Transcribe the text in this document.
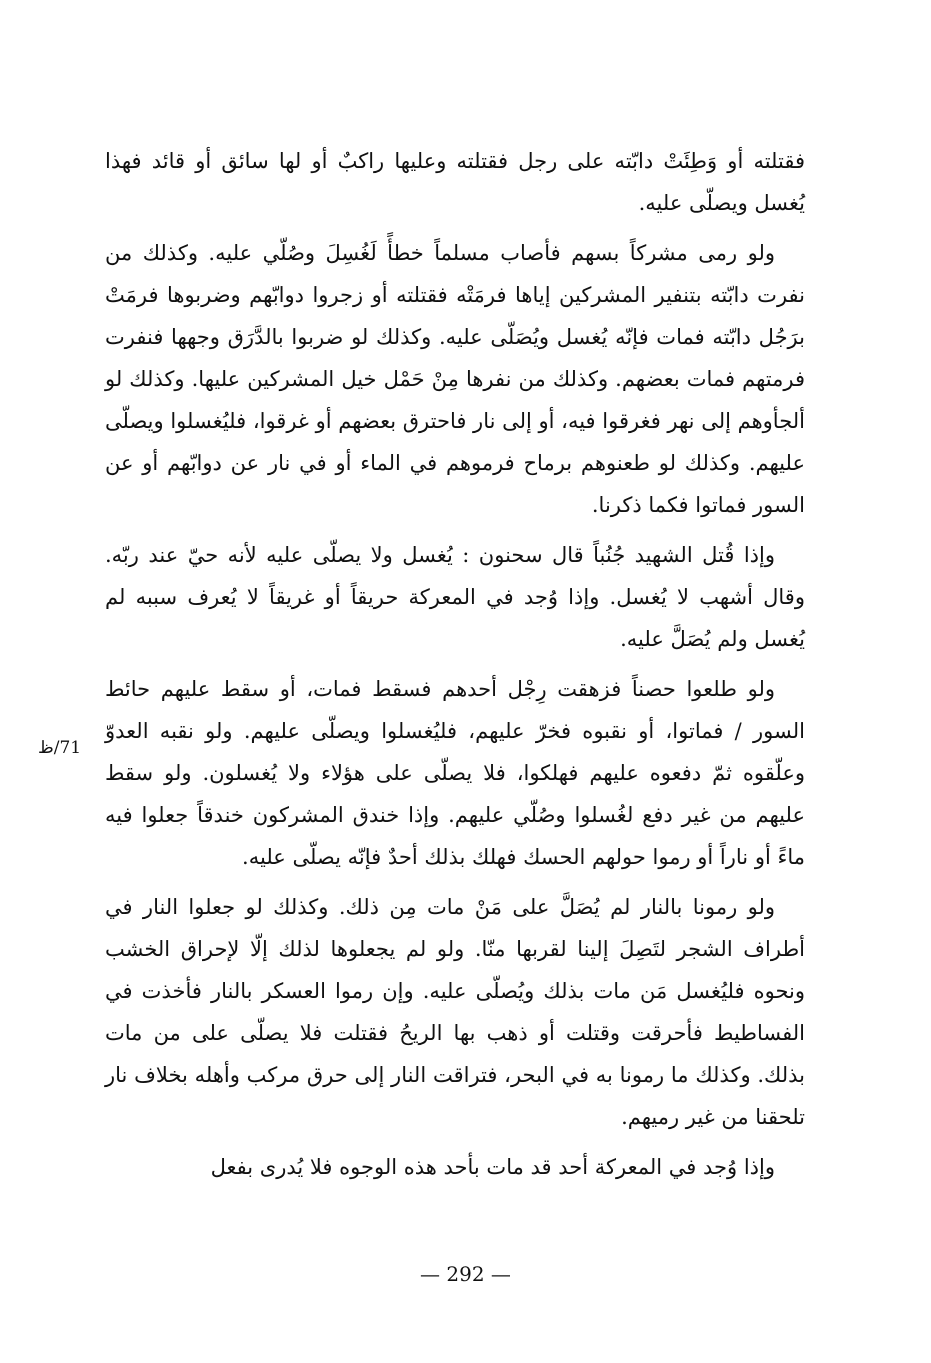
فقتلته أو وَطِئَتْ دابّته على رجل فقتلته وعليها راكبٌ أو لها سائق أو قائد فهذا يُغسل ويصلّى عليه.

ولو رمى مشركاً بسهم فأصاب مسلماً خطأً لَغُسِلَ وصُلّي عليه. وكذلك من نفرت دابّته بتنفير المشركين إياها فرمَتْه فقتلته أو زجروا دوابّهم وضربوها فرمَتْ برَجُل دابّته فمات فإنّه يُغسل ويُصَلّى عليه. وكذلك لو ضربوا بالدَّرَق وجهها فنفرت فرمتهم فمات بعضهم. وكذلك من نفرها مِنْ حَمْل خيل المشركين عليها. وكذلك لو ألجأوهم إلى نهر فغرقوا فيه، أو إلى نار فاحترق بعضهم أو غرقوا، فليُغسلوا ويصلّى عليهم. وكذلك لو طعنوهم برماح فرموهم في الماء أو في نار عن دوابّهم أو عن السور فماتوا فكما ذكرنا.

وإذا قُتل الشهيد جُنُباً قال سحنون : يُغسل ولا يصلّى عليه لأنه حيّ عند ربّه. وقال أشهب لا يُغسل. وإذا وُجد في المعركة حريقاً أو غريقاً لا يُعرف سببه لم يُغسل ولم يُصَلَّ عليه.

ولو طلعوا حصناً فزهقت رِجْل أحدهم فسقط فمات، أو سقط عليهم حائط السور / فماتوا، أو نقبوه فخرّ عليهم، فليُغسلوا ويصلّى عليهم. ولو نقبه العدوّ وعلّقوه ثمّ دفعوه عليهم فهلكوا، فلا يصلّى على هؤلاء ولا يُغسلون. ولو سقط عليهم من غير دفع لغُسلوا وصُلّي عليهم. وإذا خندق المشركون خندقاً جعلوا فيه ماءً أو ناراً أو رموا حولهم الحسك فهلك بذلك أحدٌ فإنّه يصلّى عليه.

ولو رمونا بالنار لم يُصَلَّ على مَنْ مات مِن ذلك. وكذلك لو جعلوا النار في أطراف الشجر لتَصِلَ إلينا لقربها منّا. ولو لم يجعلوها لذلك إلّا لإحراق الخشب ونحوه فليُغسل مَن مات بذلك ويُصلّى عليه. وإن رموا العسكر بالنار فأخذت في الفساطيط فأحرقت وقتلت أو ذهب بها الريحُ فقتلت فلا يصلّى على من مات بذلك. وكذلك ما رمونا به في البحر، فتراقت النار إلى حرق مركب وأهله بخلاف نار تلحقنا من غير رميهم.

وإذا وُجد في المعركة أحد قد مات بأحد هذه الوجوه فلا يُدرى بفعل

71/ظ
— 292 —
